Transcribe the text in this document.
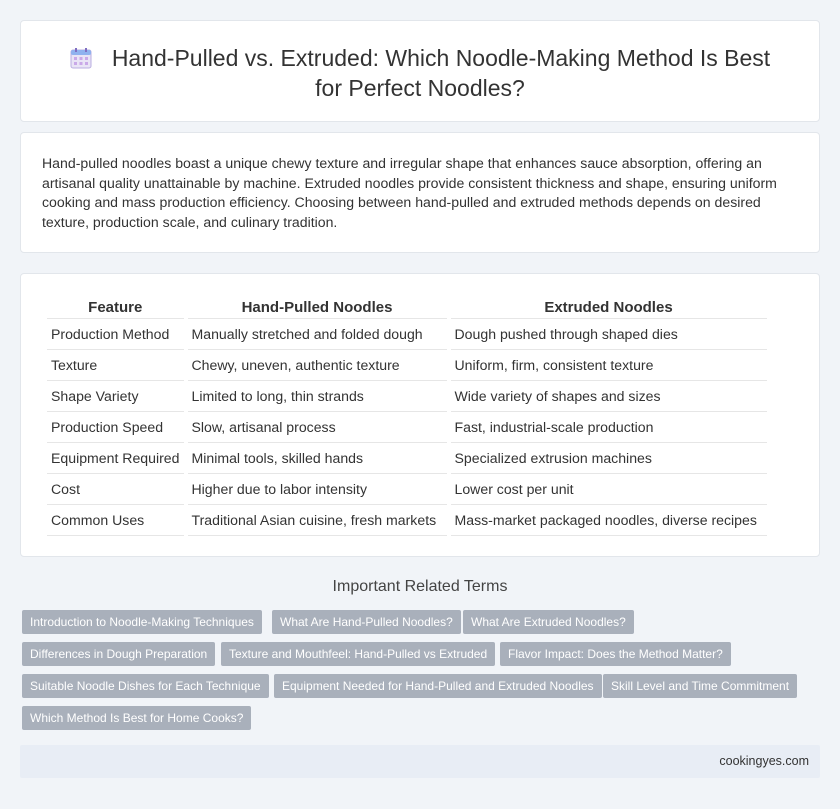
Hand-Pulled vs. Extruded: Which Noodle-Making Method Is Best for Perfect Noodles?

Hand-pulled noodles boast a unique chewy texture and irregular shape that enhances sauce absorption, offering an artisanal quality unattainable by machine. Extruded noodles provide consistent thickness and shape, ensuring uniform cooking and mass production efficiency. Choosing between hand-pulled and extruded methods depends on desired texture, production scale, and culinary tradition.

Feature	Hand-Pulled Noodles	Extruded Noodles
Production Method	Manually stretched and folded dough	Dough pushed through shaped dies
Texture	Chewy, uneven, authentic texture	Uniform, firm, consistent texture
Shape Variety	Limited to long, thin strands	Wide variety of shapes and sizes
Production Speed	Slow, artisanal process	Fast, industrial-scale production
Equipment Required	Minimal tools, skilled hands	Specialized extrusion machines
Cost	Higher due to labor intensity	Lower cost per unit
Common Uses	Traditional Asian cuisine, fresh markets	Mass-market packaged noodles, diverse recipes
Important Related Terms
Introduction to Noodle-Making Techniques	What Are Hand-Pulled Noodles?	What Are Extruded Noodles?
Differences in Dough Preparation	Texture and Mouthfeel: Hand-Pulled vs Extruded	Flavor Impact: Does the Method Matter?
Suitable Noodle Dishes for Each Technique	Equipment Needed for Hand-Pulled and Extruded Noodles	Skill Level and Time Commitment
Which Method Is Best for Home Cooks?
cookingyes.com
